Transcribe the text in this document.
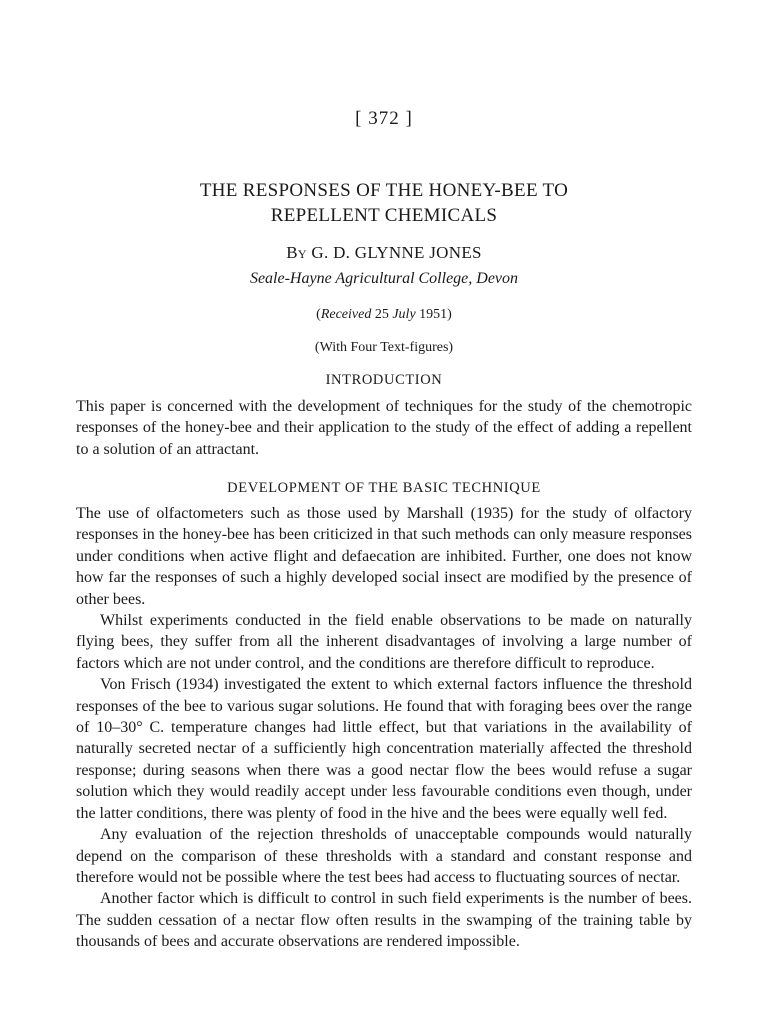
[ 372 ]
THE RESPONSES OF THE HONEY-BEE TO
REPELLENT CHEMICALS
By G. D. GLYNNE JONES
Seale-Hayne Agricultural College, Devon
(Received 25 July 1951)
(With Four Text-figures)
INTRODUCTION

This paper is concerned with the development of techniques for the study of the chemotropic responses of the honey-bee and their application to the study of the effect of adding a repellent to a solution of an attractant.

DEVELOPMENT OF THE BASIC TECHNIQUE

The use of olfactometers such as those used by Marshall (1935) for the study of olfactory responses in the honey-bee has been criticized in that such methods can only measure responses under conditions when active flight and defaecation are inhibited. Further, one does not know how far the responses of such a highly developed social insect are modified by the presence of other bees.

Whilst experiments conducted in the field enable observations to be made on naturally flying bees, they suffer from all the inherent disadvantages of involving a large number of factors which are not under control, and the conditions are therefore difficult to reproduce.

Von Frisch (1934) investigated the extent to which external factors influence the threshold responses of the bee to various sugar solutions. He found that with foraging bees over the range of 10–30° C. temperature changes had little effect, but that variations in the availability of naturally secreted nectar of a sufficiently high concentration materially affected the threshold response; during seasons when there was a good nectar flow the bees would refuse a sugar solution which they would readily accept under less favourable conditions even though, under the latter conditions, there was plenty of food in the hive and the bees were equally well fed.

Any evaluation of the rejection thresholds of unacceptable compounds would naturally depend on the comparison of these thresholds with a standard and constant response and therefore would not be possible where the test bees had access to fluctuating sources of nectar.

Another factor which is difficult to control in such field experiments is the number of bees. The sudden cessation of a nectar flow often results in the swamping of the training table by thousands of bees and accurate observations are rendered impossible.
